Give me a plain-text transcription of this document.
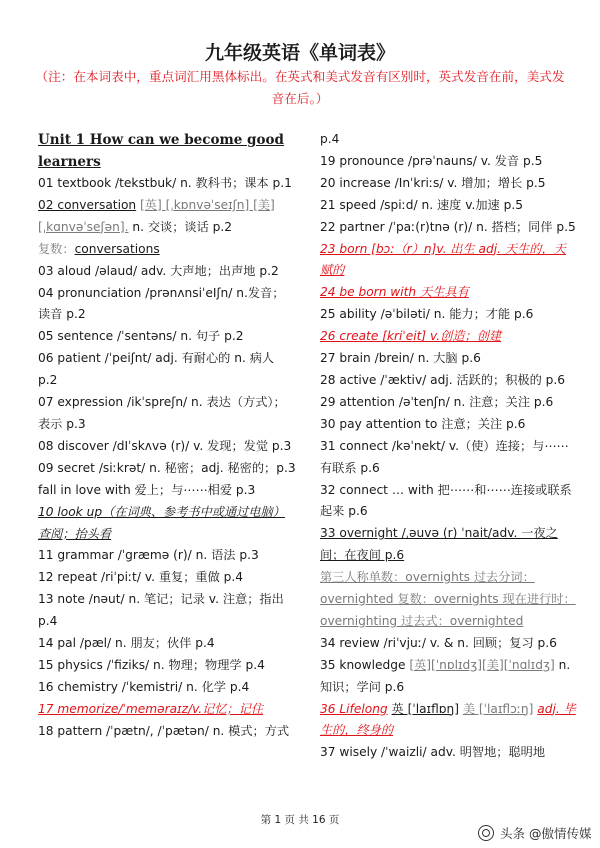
九年级英语《单词表》
（注：在本词表中，重点词汇用黑体标出。在英式和美式发音有区别时，英式发音在前，美式发音在后。）
Unit 1 How can we become good learners
01 textbook /tekstbuk/ n. 教科书；课本 p.1
02 conversation [英] [ˌkɒnvəˈseɪʃn] [美] [ˌkɑnvəˈseʃən]. n. 交谈；谈话 p.2
复数：conversations
03 aloud /əlaud/ adv. 大声地；出声地 p.2
04 pronunciation /prənʌnsiˈeIʃn/ n.发音；读音 p.2
05 sentence /ˈsentəns/ n. 句子 p.2
06 patient /ˈpeiʃnt/ adj. 有耐心的 n. 病人 p.2
07 expression /ikˈspreʃn/ n. 表达（方式）；表示 p.3
08 discover /dIˈskʌvə (r)/ v. 发现；发觉 p.3
09 secret /siːkrət/ n. 秘密；adj. 秘密的；p.3
fall in love with 爱上；与⋯⋯相爱 p.3
10 look up（在词典、参考书中或通过电脑）查阅；抬头看
11 grammar /ˈgræmə (r)/ n. 语法 p.3
12 repeat /riˈpiːt/ v. 重复；重做 p.4
13 note /nəut/ n. 笔记；记录 v. 注意；指出 p.4
14 pal /pæl/ n. 朋友；伙伴 p.4
15 physics /ˈfiziks/ n. 物理；物理学 p.4
16 chemistry /ˈkemistri/ n. 化学 p.4
17 memorize/ˈmeməraɪz/v.记忆；记住
18 pattern /ˈpætn/, /ˈpætən/ n. 模式；方式
p.4
19 pronounce /prəˈnauns/ v. 发音 p.5
20 increase /Inˈkriːs/ v. 增加；增长 p.5
21 speed /spiːd/ n. 速度 v.加速 p.5
22 partner /ˈpaː(r)tnə (r)/ n. 搭档；同伴 p.5
23 born [bɔː（r）n]v. 出生 adj. 天生的，天赋的
24 be born with 天生具有
25 ability /əˈbiləti/ n. 能力；才能 p.6
26 create [kriˈeit] v.创造；创建
27 brain /brein/ n. 大脑 p.6
28 active /ˈæktiv/ adj. 活跃的；积极的 p.6
29 attention /əˈtenʃn/ n. 注意；关注 p.6
30 pay attention to 注意；关注 p.6
31 connect /kəˈnekt/ v.（使）连接；与⋯⋯有联系 p.6
32 connect … with 把⋯⋯和⋯⋯连接或联系起来 p.6
33 overnight /ˌəuvə (r) ˈnait/adv. 一夜之间；在夜间 p.6
第三人称单数：overnights 过去分词：overnighted 复数：overnights 现在进行时：overnighting 过去式：overnighted
34 review /riˈvjuː/ v. & n. 回顾；复习 p.6
35 knowledge [英][ˈnɒlɪdʒ][美][ˈnɑlɪdʒ] n. 知识；学问 p.6
36 Lifelong 英 [ˈlaɪflɒŋ] 美 [ˈlaɪflɔːŋ] adj. 毕生的，终身的
37 wisely /ˈwaizli/ adv. 明智地；聪明地
第 1 页 共 16 页
头条 @傲情传媒
